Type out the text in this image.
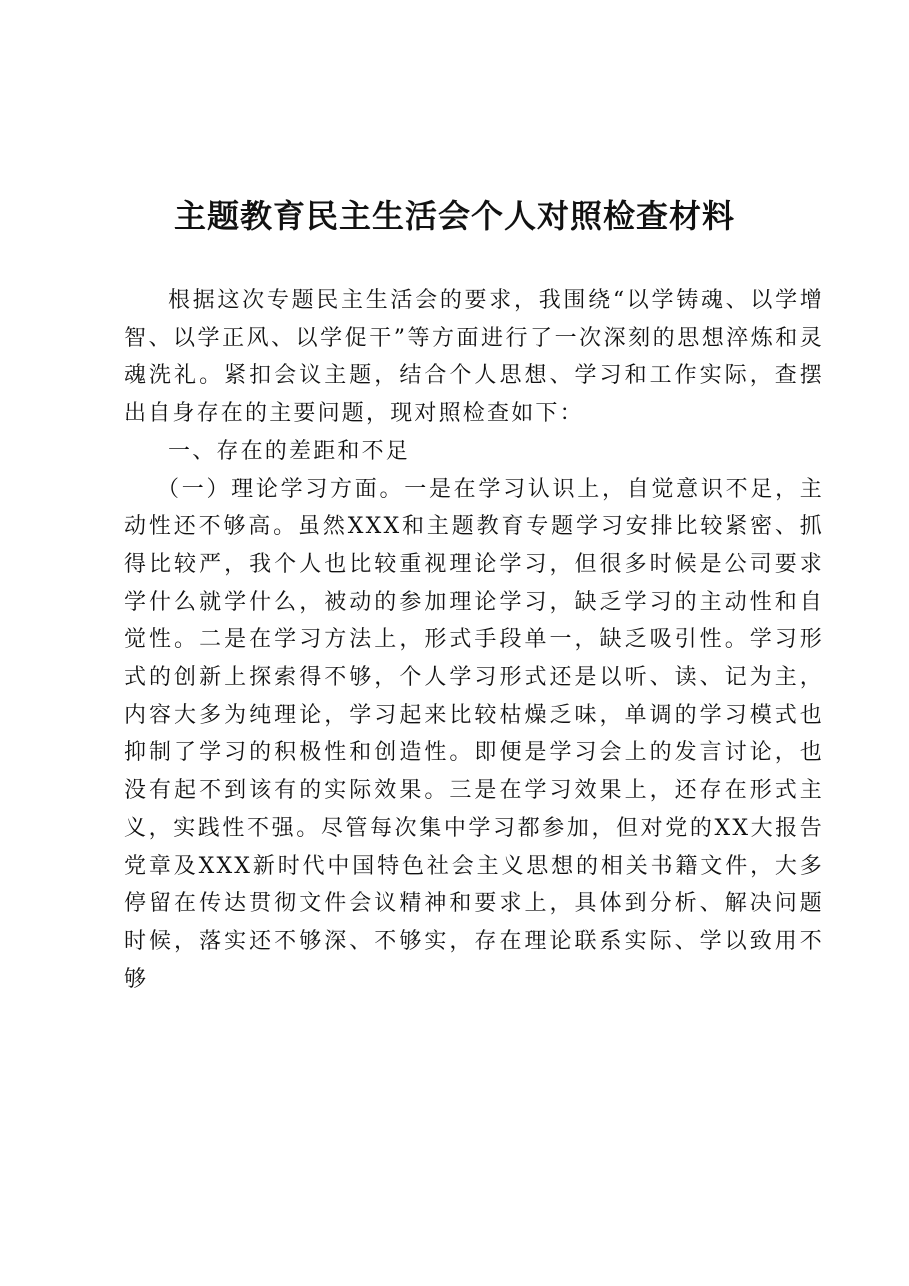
主题教育民主生活会个人对照检查材料

根据这次专题民主生活会的要求，我围绕“以学铸魂、以学增智、以学正风、以学促干”等方面进行了一次深刻的思想淬炼和灵魂洗礼。紧扣会议主题，结合个人思想、学习和工作实际，查摆出自身存在的主要问题，现对照检查如下：

一、存在的差距和不足

（一）理论学习方面。一是在学习认识上，自觉意识不足，主动性还不够高。虽然XXX和主题教育专题学习安排比较紧密、抓得比较严，我个人也比较重视理论学习，但很多时候是公司要求学什么就学什么，被动的参加理论学习，缺乏学习的主动性和自觉性。二是在学习方法上，形式手段单一，缺乏吸引性。学习形式的创新上探索得不够，个人学习形式还是以听、读、记为主，内容大多为纯理论，学习起来比较枯燥乏味，单调的学习模式也抑制了学习的积极性和创造性。即便是学习会上的发言讨论，也没有起不到该有的实际效果。三是在学习效果上，还存在形式主义，实践性不强。尽管每次集中学习都参加，但对党的XX大报告党章及XXX新时代中国特色社会主义思想的相关书籍文件，大多停留在传达贯彻文件会议精神和要求上，具体到分析、解决问题时候，落实还不够深、不够实，存在理论联系实际、学以致用不够
